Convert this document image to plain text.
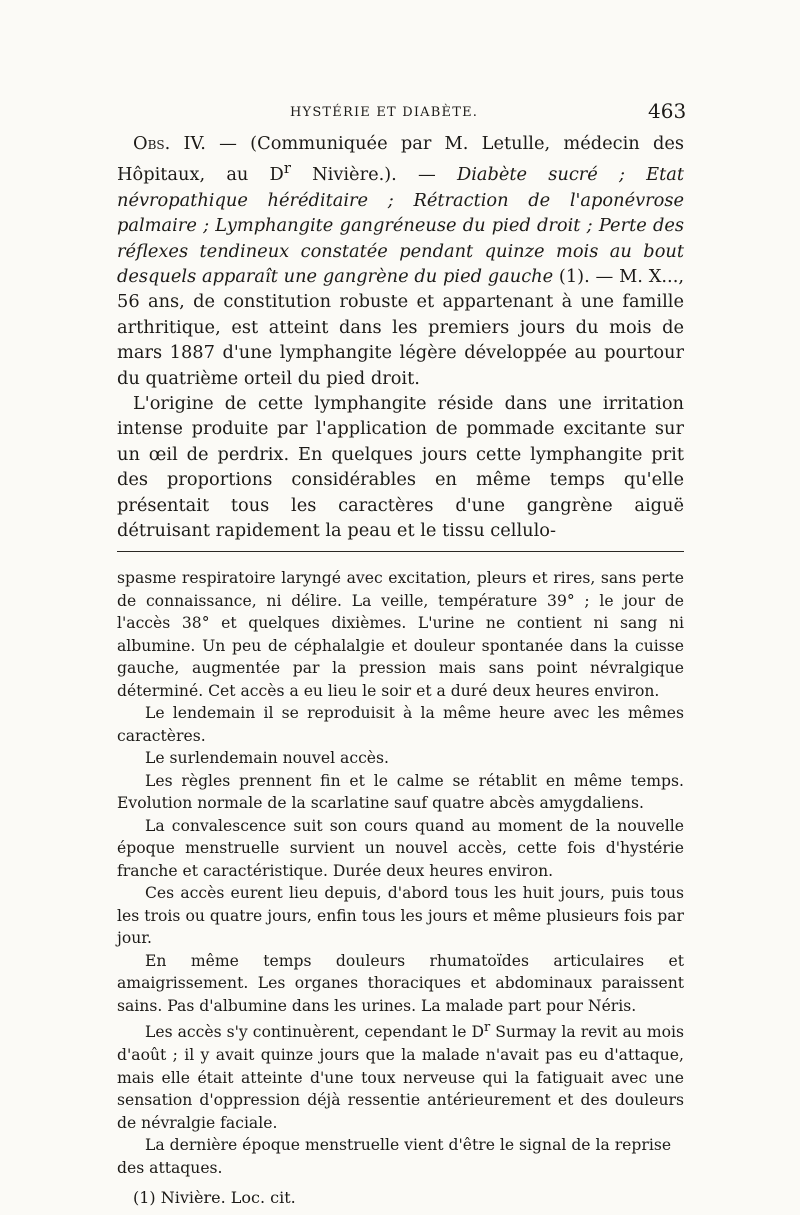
HYSTÉRIE ET DIABÈTE.	463

Obs. IV. — (Communiquée par M. Letulle, médecin des Hôpitaux, au $D^r$ Nivière.). — Diabète sucré ; Etat névropathique héréditaire ; Rétraction de l'aponévrose palmaire ; Lymphangite gangréneuse du pied droit ; Perte des réflexes tendineux constatée pendant quinze mois au bout desquels apparaît une gangrène du pied gauche (1). — M. X..., 56 ans, de constitution robuste et appartenant à une famille arthritique, est atteint dans les premiers jours du mois de mars 1887 d'une lymphangite légère développée au pourtour du quatrième orteil du pied droit.

L'origine de cette lymphangite réside dans une irritation intense produite par l'application de pommade excitante sur un œil de perdrix. En quelques jours cette lymphangite prit des proportions considérables en même temps qu'elle présentait tous les caractères d'une gangrène aiguë détruisant rapidement la peau et le tissu cellulo-

spasme respiratoire laryngé avec excitation, pleurs et rires, sans perte de connaissance, ni délire. La veille, température 39° ; le jour de l'accès 38° et quelques dixièmes. L'urine ne contient ni sang ni albumine. Un peu de céphalalgie et douleur spontanée dans la cuisse gauche, augmentée par la pression mais sans point névralgique déterminé. Cet accès a eu lieu le soir et a duré deux heures environ.

Le lendemain il se reproduisit à la même heure avec les mêmes caractères.

Le surlendemain nouvel accès.

Les règles prennent fin et le calme se rétablit en même temps. Evolution normale de la scarlatine sauf quatre abcès amygdaliens.

La convalescence suit son cours quand au moment de la nouvelle époque menstruelle survient un nouvel accès, cette fois d'hystérie franche et caractéristique. Durée deux heures environ.

Ces accès eurent lieu depuis, d'abord tous les huit jours, puis tous les trois ou quatre jours, enfin tous les jours et même plusieurs fois par jour.

En même temps douleurs rhumatoïdes articulaires et amaigrissement. Les organes thoraciques et abdominaux paraissent sains. Pas d'albumine dans les urines. La malade part pour Néris.

Les accès s'y continuèrent, cependant le $D^r$ Surmay la revit au mois d'août ; il y avait quinze jours que la malade n'avait pas eu d'attaque, mais elle était atteinte d'une toux nerveuse qui la fatiguait avec une sensation d'oppression déjà ressentie antérieurement et des douleurs de névralgie faciale.

La dernière époque menstruelle vient d'être le signal de la reprise des attaques.

(1) Nivière. Loc. cit.
